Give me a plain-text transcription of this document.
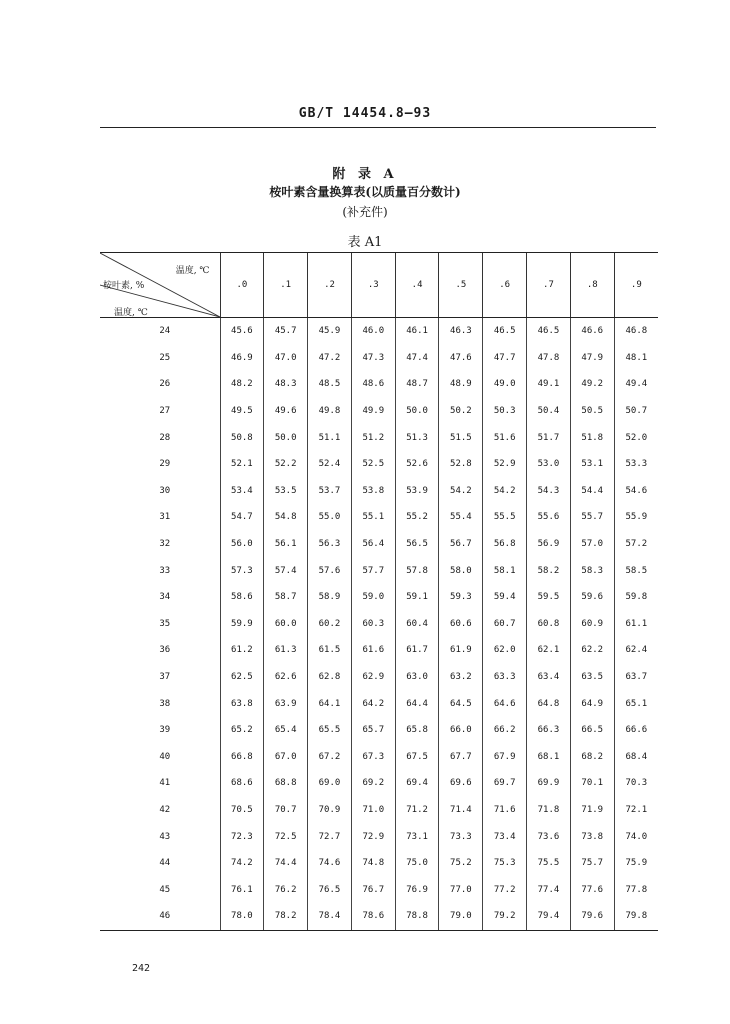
GB/T 14454.8—93
附 录 A
桉叶素含量换算表(以质量百分数计)
(补充件)
表 A1
温度, ℃
桉叶素, %
温度, ℃	.0	.1	.2	.3	.4	.5	.6	.7	.8	.9
24	45.6	45.7	45.9	46.0	46.1	46.3	46.5	46.5	46.6	46.8
25	46.9	47.0	47.2	47.3	47.4	47.6	47.7	47.8	47.9	48.1
26	48.2	48.3	48.5	48.6	48.7	48.9	49.0	49.1	49.2	49.4
27	49.5	49.6	49.8	49.9	50.0	50.2	50.3	50.4	50.5	50.7
28	50.8	50.0	51.1	51.2	51.3	51.5	51.6	51.7	51.8	52.0
29	52.1	52.2	52.4	52.5	52.6	52.8	52.9	53.0	53.1	53.3
30	53.4	53.5	53.7	53.8	53.9	54.2	54.2	54.3	54.4	54.6
31	54.7	54.8	55.0	55.1	55.2	55.4	55.5	55.6	55.7	55.9
32	56.0	56.1	56.3	56.4	56.5	56.7	56.8	56.9	57.0	57.2
33	57.3	57.4	57.6	57.7	57.8	58.0	58.1	58.2	58.3	58.5
34	58.6	58.7	58.9	59.0	59.1	59.3	59.4	59.5	59.6	59.8
35	59.9	60.0	60.2	60.3	60.4	60.6	60.7	60.8	60.9	61.1
36	61.2	61.3	61.5	61.6	61.7	61.9	62.0	62.1	62.2	62.4
37	62.5	62.6	62.8	62.9	63.0	63.2	63.3	63.4	63.5	63.7
38	63.8	63.9	64.1	64.2	64.4	64.5	64.6	64.8	64.9	65.1
39	65.2	65.4	65.5	65.7	65.8	66.0	66.2	66.3	66.5	66.6
40	66.8	67.0	67.2	67.3	67.5	67.7	67.9	68.1	68.2	68.4
41	68.6	68.8	69.0	69.2	69.4	69.6	69.7	69.9	70.1	70.3
42	70.5	70.7	70.9	71.0	71.2	71.4	71.6	71.8	71.9	72.1
43	72.3	72.5	72.7	72.9	73.1	73.3	73.4	73.6	73.8	74.0
44	74.2	74.4	74.6	74.8	75.0	75.2	75.3	75.5	75.7	75.9
45	76.1	76.2	76.5	76.7	76.9	77.0	77.2	77.4	77.6	77.8
46	78.0	78.2	78.4	78.6	78.8	79.0	79.2	79.4	79.6	79.8
242
